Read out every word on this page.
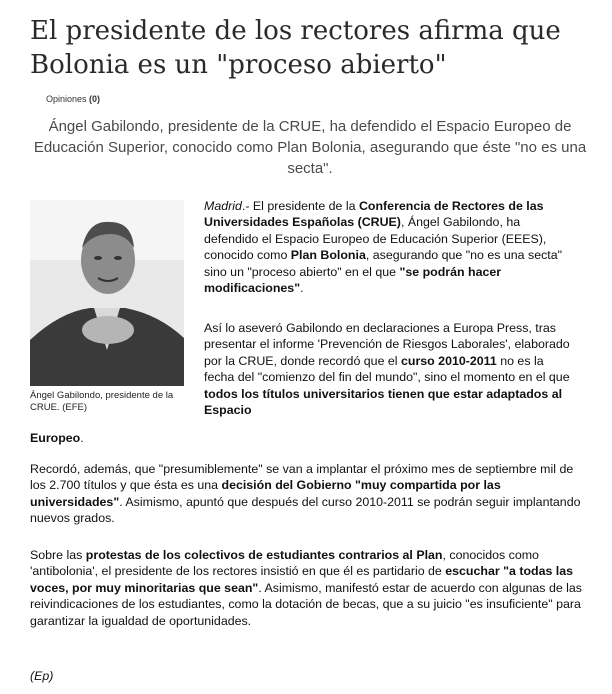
El presidente de los rectores afirma que Bolonia es un "proceso abierto"
Opiniones (0)
Ángel Gabilondo, presidente de la CRUE, ha defendido el Espacio Europeo de Educación Superior, conocido como Plan Bolonia, asegurando que éste "no es una secta".
Ángel Gabilondo, presidente de la CRUE. (EFE)
Madrid.- El presidente de la Conferencia de Rectores de las Universidades Españolas (CRUE), Ángel Gabilondo, ha defendido el Espacio Europeo de Educación Superior (EEES), conocido como Plan Bolonia, asegurando que "no es una secta" sino un "proceso abierto" en el que "se podrán hacer modificaciones".
Así lo aseveró Gabilondo en declaraciones a Europa Press, tras presentar el informe 'Prevención de Riesgos Laborales', elaborado por la CRUE, donde recordó que el curso 2010-2011 no es la fecha del "comienzo del fin del mundo", sino el momento en el que todos los títulos universitarios tienen que estar adaptados al Espacio
Europeo.
Recordó, además, que "presumiblemente" se van a implantar el próximo mes de septiembre mil de los 2.700 títulos y que ésta es una decisión del Gobierno "muy compartida por las universidades". Asimismo, apuntó que después del curso 2010-2011 se podrán seguir implantando nuevos grados.
Sobre las protestas de los colectivos de estudiantes contrarios al Plan, conocidos como 'antibolonia', el presidente de los rectores insistió en que él es partidario de escuchar "a todas las voces, por muy minoritarias que sean". Asimismo, manifestó estar de acuerdo con algunas de las reivindicaciones de los estudiantes, como la dotación de becas, que a su juicio "es insuficiente" para garantizar la igualdad de oportunidades.
(Ep)
